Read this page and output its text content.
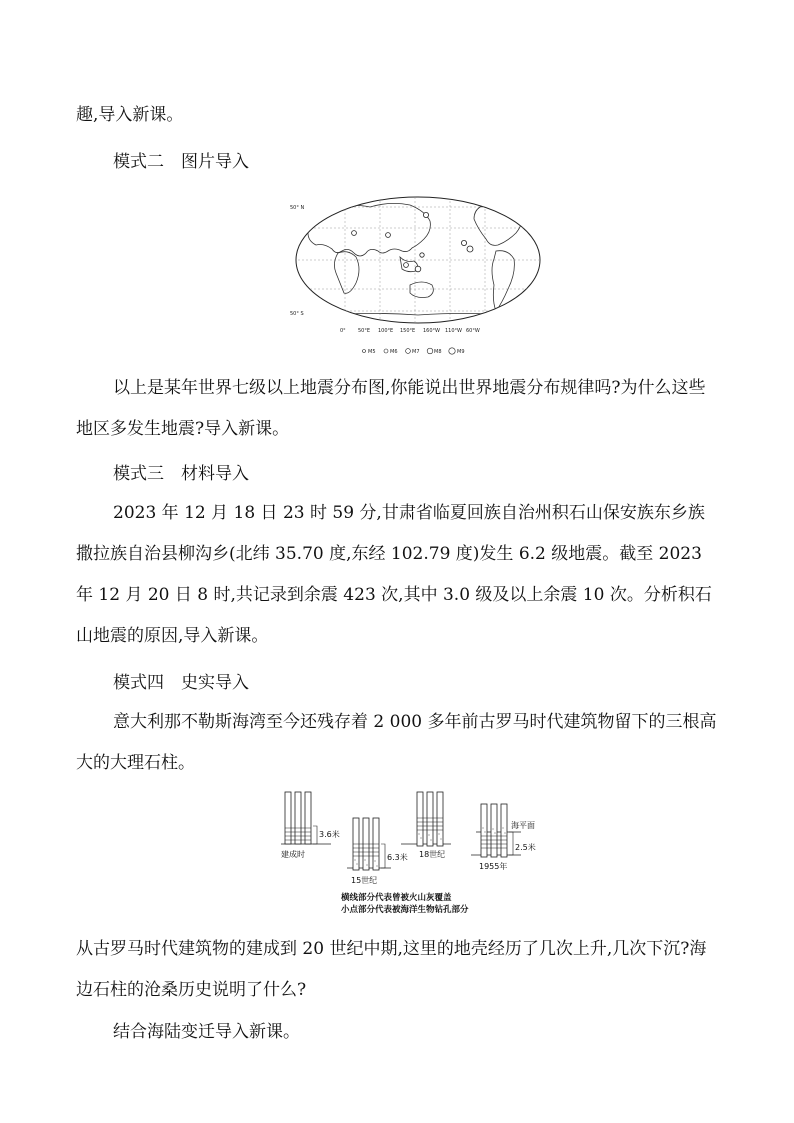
趣,导入新课。

模式二 图片导入
50° N
50° S
0° 50°E 100°E 150°E 160°W 110°W 60°W
M5	M6	M7	M8	M9

以上是某年世界七级以上地震分布图,你能说出世界地震分布规律吗?为什么这些地区多发生地震?导入新课。

模式三 材料导入

2023 年 12 月 18 日 23 时 59 分,甘肃省临夏回族自治州积石山保安族东乡族撒拉族自治县柳沟乡(北纬 35.70 度,东经 102.79 度)发生 6.2 级地震。截至 2023 年 12 月 20 日 8 时,共记录到余震 423 次,其中 3.0 级及以上余震 10 次。分析积石山地震的原因,导入新课。

模式四 史实导入

意大利那不勒斯海湾至今还残存着 2 000 多年前古罗马时代建筑物留下的三根高大的大理石柱。

3.6米
建成时	6.3米
15世纪
18世纪
海平面
2.5米
1955年
横线部分代表曾被火山灰覆盖
小点部分代表被海洋生物钻孔部分

从古罗马时代建筑物的建成到 20 世纪中期,这里的地壳经历了几次上升,几次下沉?海边石柱的沧桑历史说明了什么?

结合海陆变迁导入新课。
